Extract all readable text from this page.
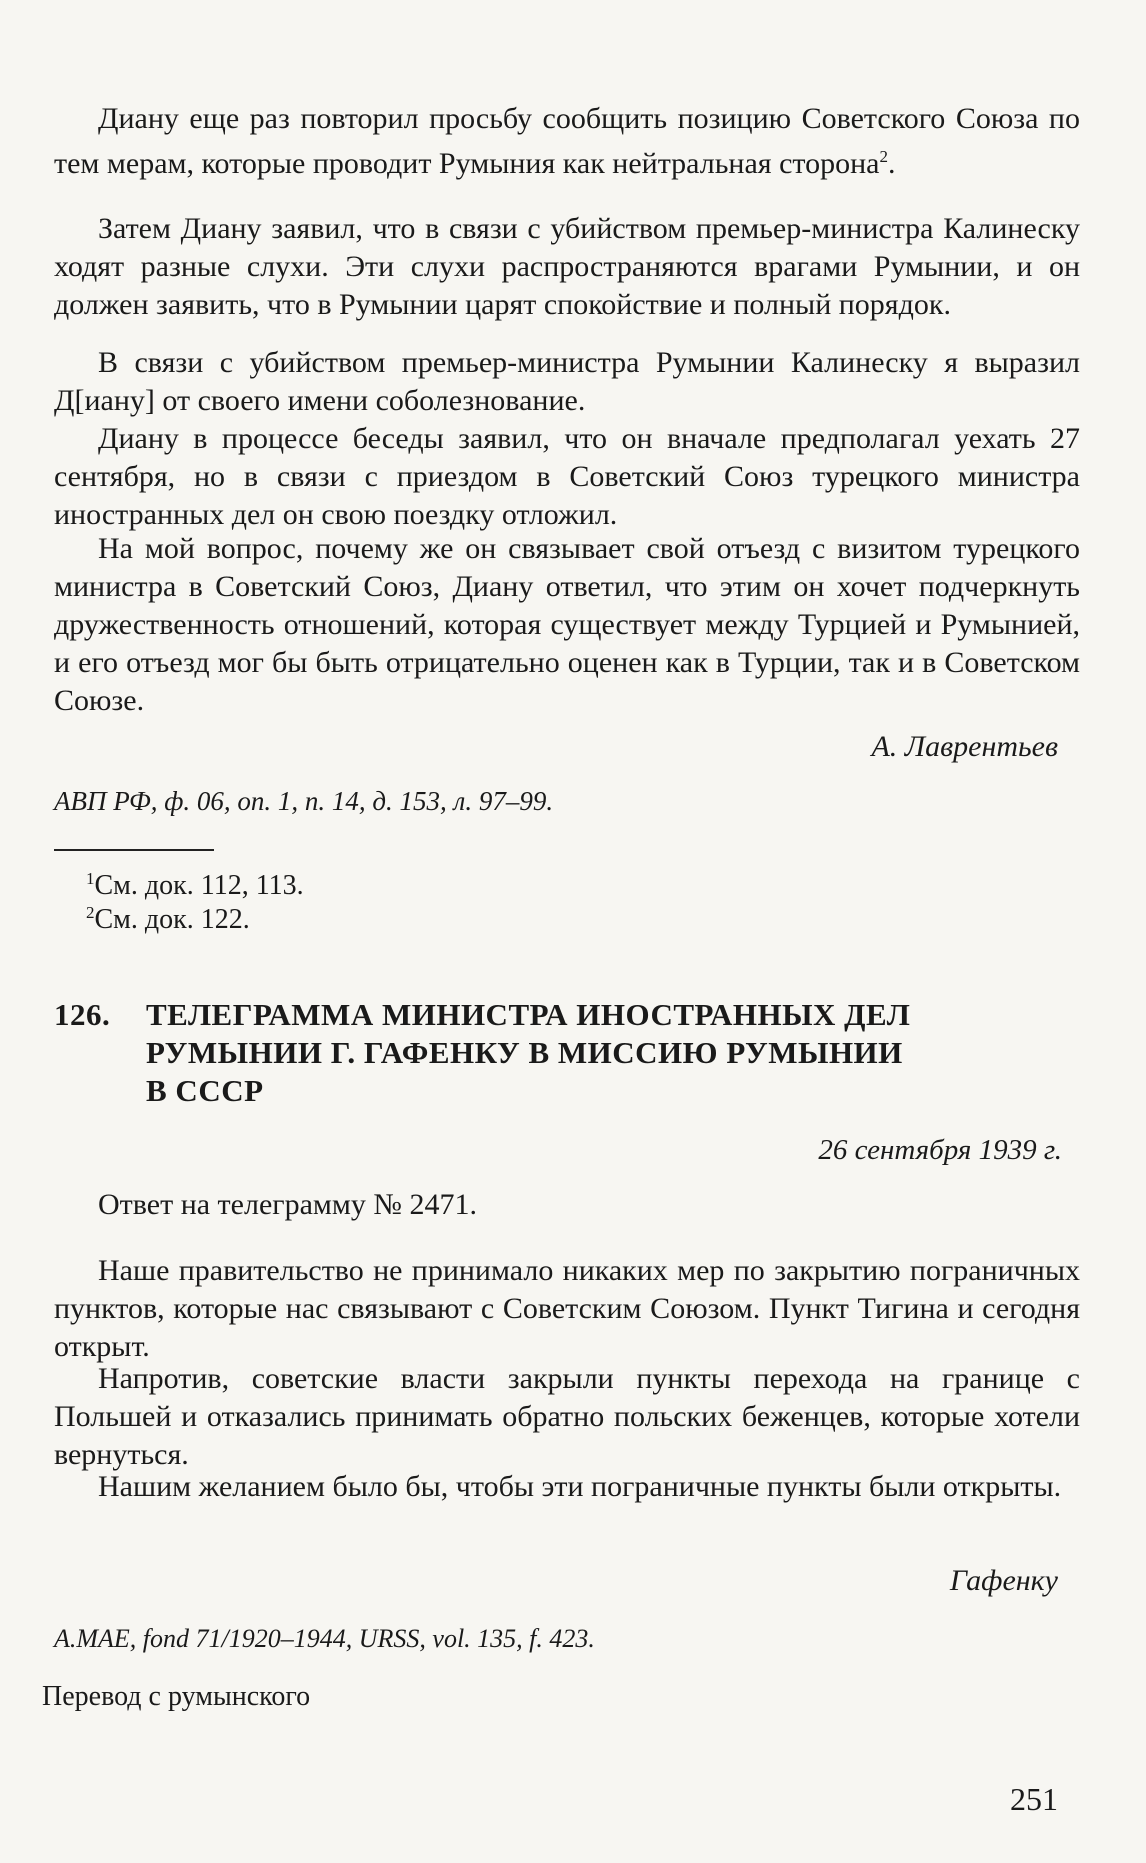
Диану еще раз повторил просьбу сообщить позицию Советского Союза по тем мерам, которые проводит Румыния как нейтральная сторона$^2$.

Затем Диану заявил, что в связи с убийством премьер-министра Калинеску ходят разные слухи. Эти слухи распространяются врагами Румынии, и он должен заявить, что в Румынии царят спокойствие и полный порядок.

В связи с убийством премьер-министра Румынии Калинеску я выразил Д[иану] от своего имени соболезнование.

Диану в процессе беседы заявил, что он вначале предполагал уехать 27 сентября, но в связи с приездом в Советский Союз турецкого министра иностранных дел он свою поездку отложил.

На мой вопрос, почему же он связывает свой отъезд с визитом турецкого министра в Советский Союз, Диану ответил, что этим он хочет подчеркнуть дружественность отношений, которая существует между Турцией и Румынией, и его отъезд мог бы быть отрицательно оценен как в Турции, так и в Советском Союзе.

А. Лаврентьев
АВП РФ, ф. 06, оп. 1, п. 14, д. 153, л. 97–99.
$^1$См. док. 112, 113.
$^2$См. док. 122.
126. ТЕЛЕГРАММА МИНИСТРА ИНОСТРАННЫХ ДЕЛ
РУМЫНИИ Г. ГАФЕНКУ В МИССИЮ РУМЫНИИ
В СССР
26 сентября 1939 г.

Ответ на телеграмму № 2471.

Наше правительство не принимало никаких мер по закрытию пограничных пунктов, которые нас связывают с Советским Союзом. Пункт Тигина и сегодня открыт.

Напротив, советские власти закрыли пункты перехода на границе с Польшей и отказались принимать обратно польских беженцев, которые хотели вернуться.

Нашим желанием было бы, чтобы эти пограничные пункты были открыты.

Гафенку
A.MAE, fond 71/1920–1944, URSS, vol. 135, f. 423.
Перевод с румынского
251
